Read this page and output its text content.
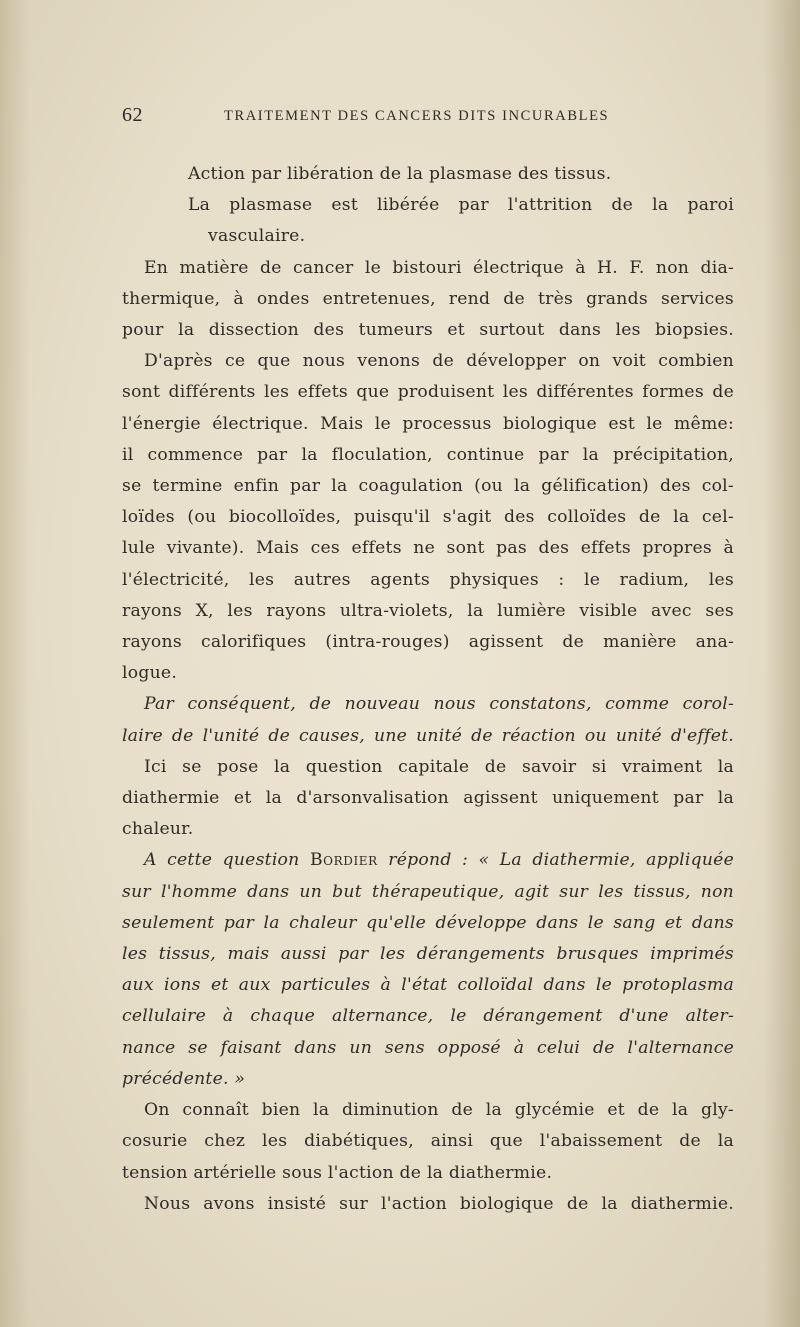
62	TRAITEMENT DES CANCERS DITS INCURABLES

Action par libération de la plasmase des tissus.
La plasmase est libérée par l'attrition de la paroi
vasculaire.

En matière de cancer le bistouri électrique à H. F. non dia-
thermique, à ondes entretenues, rend de très grands services
pour la dissection des tumeurs et surtout dans les biopsies.

D'après ce que nous venons de développer on voit combien
sont différents les effets que produisent les différentes formes de
l'énergie électrique. Mais le processus biologique est le même:
il commence par la floculation, continue par la précipitation,
se termine enfin par la coagulation (ou la gélification) des col-
loïdes (ou biocolloïdes, puisqu'il s'agit des colloïdes de la cel-
lule vivante). Mais ces effets ne sont pas des effets propres à
l'électricité, les autres agents physiques : le radium, les
rayons X, les rayons ultra-violets, la lumière visible avec ses
rayons calorifiques (intra-rouges) agissent de manière ana-
logue.

Par conséquent, de nouveau nous constatons, comme corol-
laire de l'unité de causes, une unité de réaction ou unité d'effet.

Ici se pose la question capitale de savoir si vraiment la
diathermie et la d'arsonvalisation agissent uniquement par la
chaleur.

A cette question Bordier répond : « La diathermie, appliquée
sur l'homme dans un but thérapeutique, agit sur les tissus, non
seulement par la chaleur qu'elle développe dans le sang et dans
les tissus, mais aussi par les dérangements brusques imprimés
aux ions et aux particules à l'état colloïdal dans le protoplasma
cellulaire à chaque alternance, le dérangement d'une alter-
nance se faisant dans un sens opposé à celui de l'alternance
précédente. »

On connaît bien la diminution de la glycémie et de la gly-
cosurie chez les diabétiques, ainsi que l'abaissement de la
tension artérielle sous l'action de la diathermie.

Nous avons insisté sur l'action biologique de la diathermie.
